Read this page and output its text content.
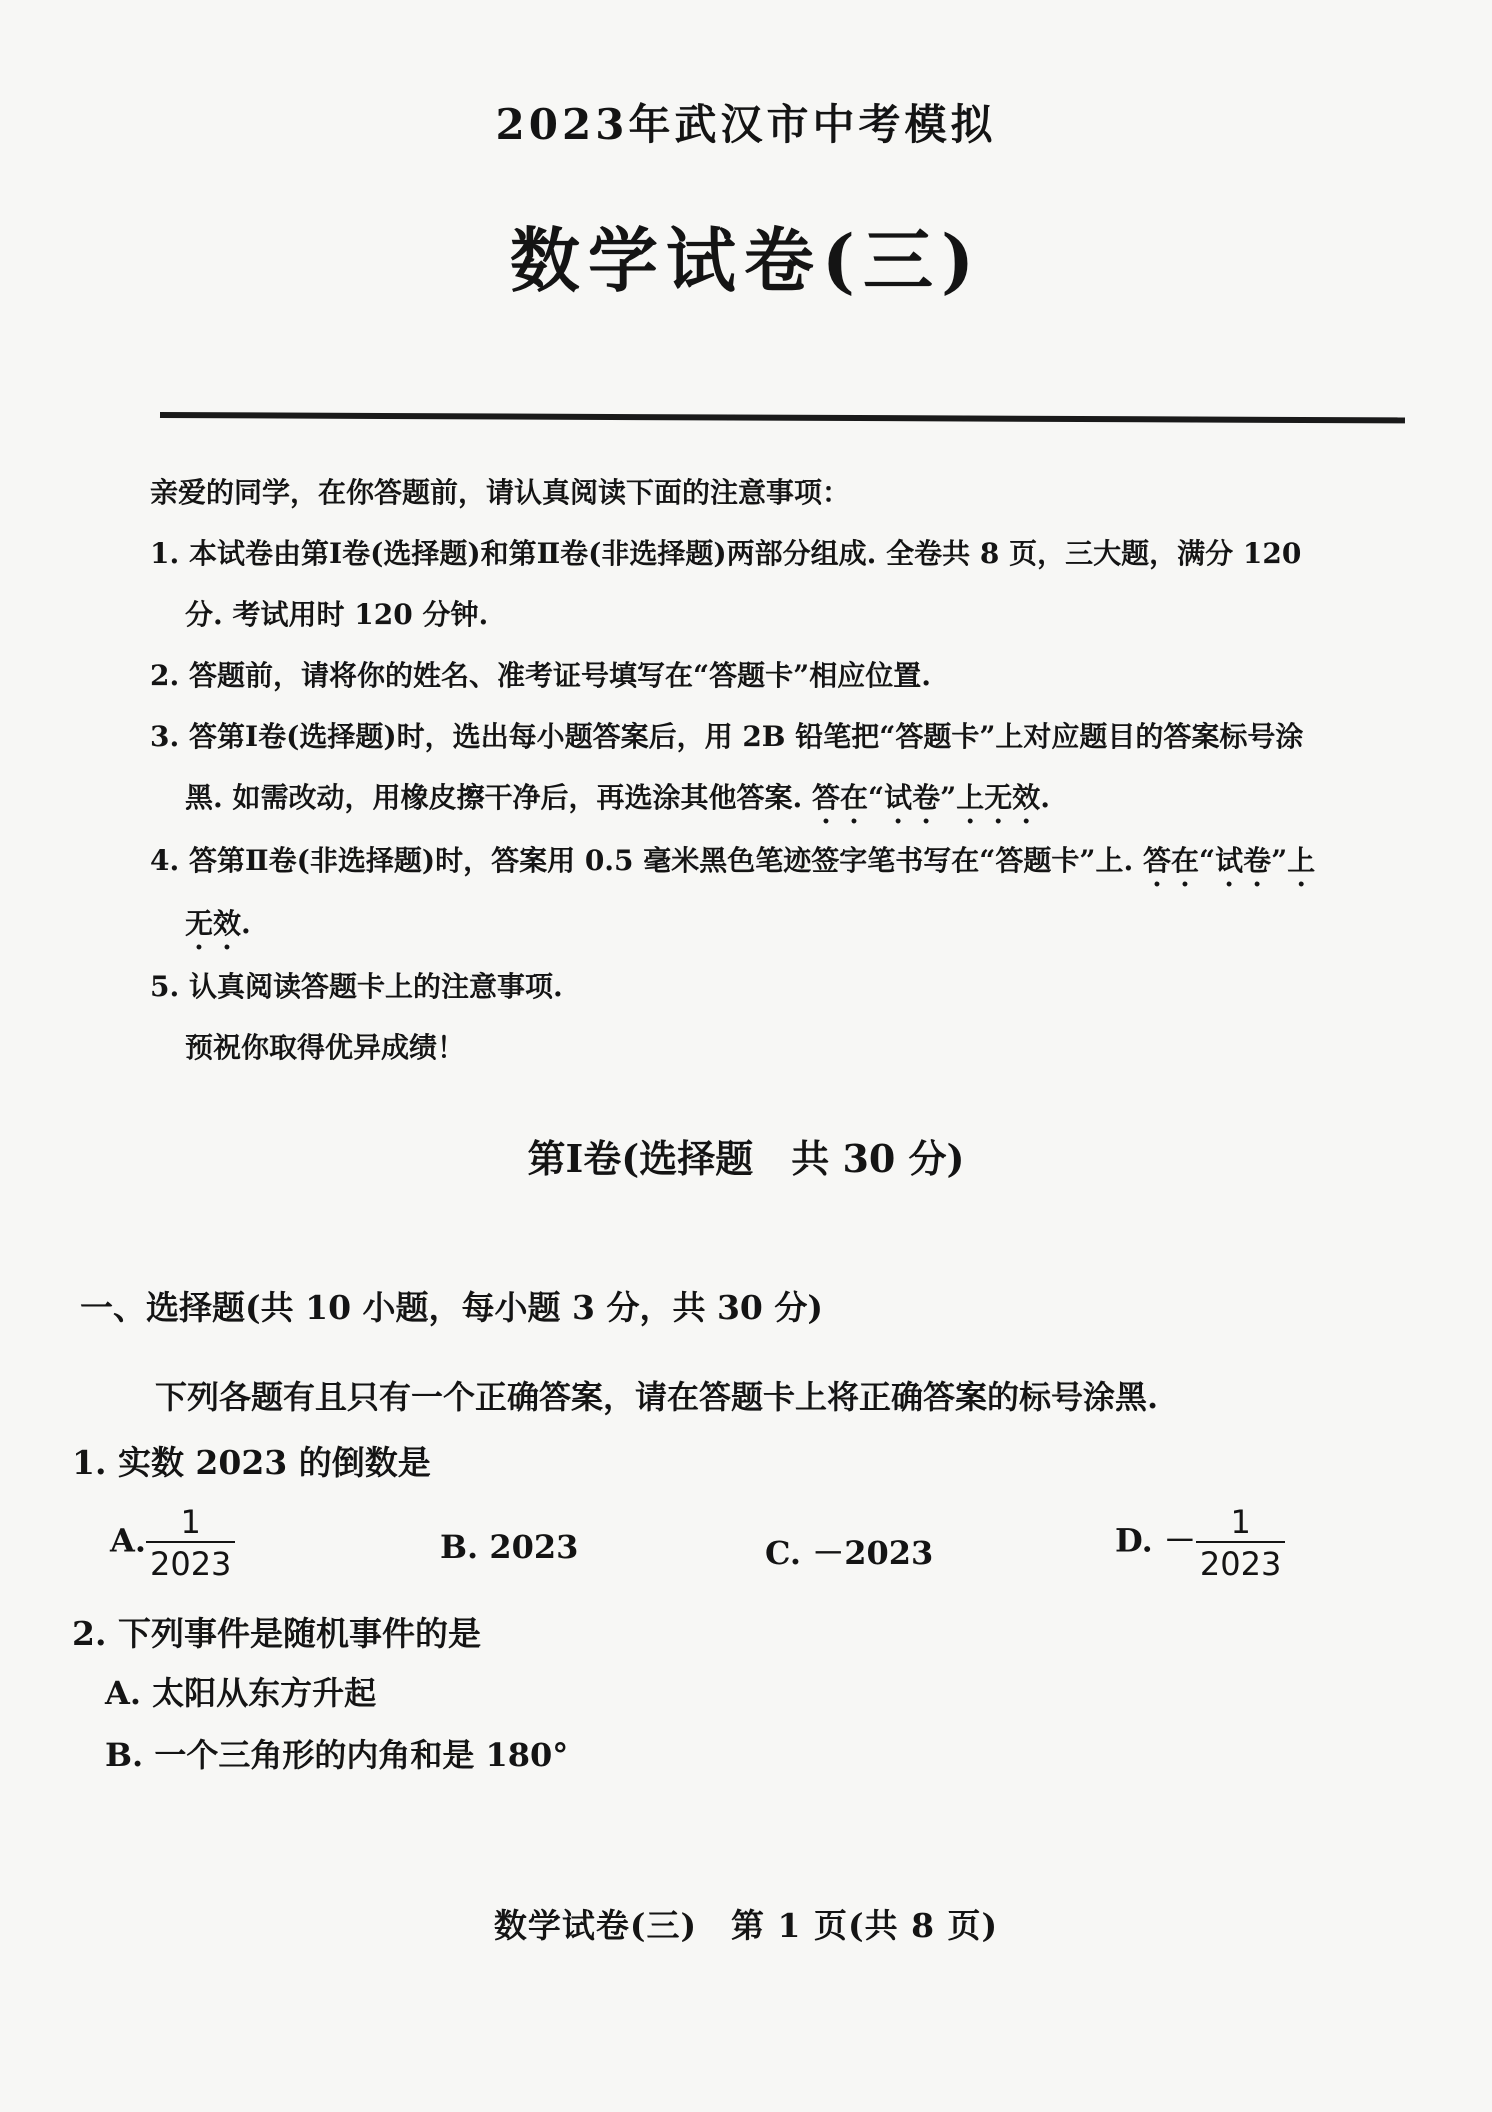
2023年武汉市中考模拟
数学试卷(三)

亲爱的同学，在你答题前，请认真阅读下面的注意事项：

1. 本试卷由第Ⅰ卷(选择题)和第Ⅱ卷(非选择题)两部分组成. 全卷共 8 页，三大题，满分 120

分. 考试用时 120 分钟.

2. 答题前，请将你的姓名、准考证号填写在“答题卡”相应位置.

3. 答第Ⅰ卷(选择题)时，选出每小题答案后，用 2B 铅笔把“答题卡”上对应题目的答案标号涂

黑. 如需改动，用橡皮擦干净后，再选涂其他答案. 答在“试卷”上无效.

4. 答第Ⅱ卷(非选择题)时，答案用 0.5 毫米黑色笔迹签字笔书写在“答题卡”上. 答在“试卷”上

无效.

5. 认真阅读答题卡上的注意事项.

预祝你取得优异成绩！

第Ⅰ卷(选择题　共 30 分)
一、选择题(共 10 小题，每小题 3 分，共 30 分)
下列各题有且只有一个正确答案，请在答题卡上将正确答案的标号涂黑.
1. 实数 2023 的倒数是
A. $\frac{1}{2023}$	B. 2023	C. －2023	D. － $\frac{1}{2023}$
2. 下列事件是随机事件的是
A. 太阳从东方升起
B. 一个三角形的内角和是 180°
数学试卷(三)　第 1 页(共 8 页)
